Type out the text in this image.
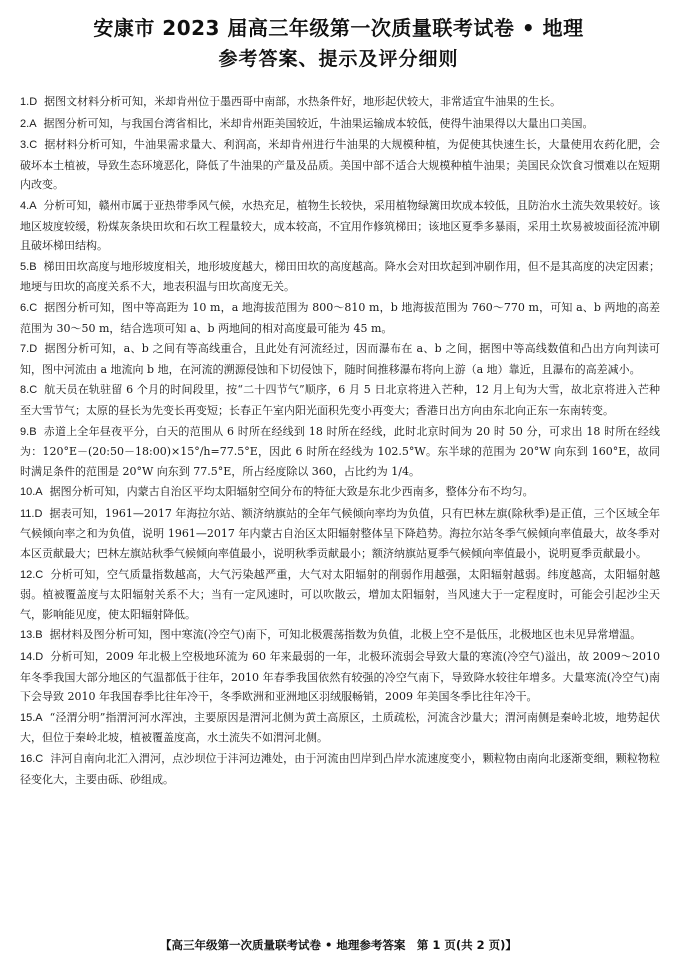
安康市 2023 届高三年级第一次质量联考试卷 • 地理
参考答案、提示及评分细则

1.D 据图文材料分析可知，米却肯州位于墨西哥中南部，水热条件好，地形起伏较大，非常适宜牛油果的生长。

2.A 据图分析可知，与我国台湾省相比，米却肯州距美国较近，牛油果运输成本较低，使得牛油果得以大量出口美国。

3.C 据材料分析可知，牛油果需求量大、利润高，米却肯州进行牛油果的大规模种植，为促使其快速生长，大量使用农药化肥，会破坏本土植被，导致生态环境恶化，降低了牛油果的产量及品质。美国中部不适合大规模种植牛油果；美国民众饮食习惯难以在短期内改变。

4.A 分析可知，赣州市属于亚热带季风气候，水热充足，植物生长较快，采用植物绿篱田坎成本较低，且防治水土流失效果较好。该地区坡度较缓，粉煤灰条块田坎和石坎工程量较大，成本较高，不宜用作修筑梯田；该地区夏季多暴雨，采用土坎易被坡面径流冲刷且破坏梯田结构。

5.B 梯田田坎高度与地形坡度相关，地形坡度越大，梯田田坎的高度越高。降水会对田坎起到冲刷作用，但不是其高度的决定因素；地埂与田坎的高度关系不大，地表积温与田坎高度无关。

6.C 据图分析可知，图中等高距为 10 m，a 地海拔范围为 800～810 m，b 地海拔范围为 760～770 m，可知 a、b 两地的高差范围为 30～50 m，结合选项可知 a、b 两地间的相对高度最可能为 45 m。

7.D 据图分析可知，a、b 之间有等高线重合，且此处有河流经过，因而瀑布在 a、b 之间，据图中等高线数值和凸出方向判读可知，图中河流由 a 地流向 b 地，在河流的溯源侵蚀和下切侵蚀下，随时间推移瀑布将向上游（a 地）靠近，且瀑布的高差减小。

8.C 航天员在轨驻留 6 个月的时间段里，按“二十四节气”顺序，6 月 5 日北京将进入芒种，12 月上旬为大雪，故北京将进入芒种至大雪节气；太原的昼长为先变长再变短；长春正午室内阳光面积先变小再变大；香港日出方向由东北向正东一东南转变。

9.B 赤道上全年昼夜平分，白天的范围从 6 时所在经线到 18 时所在经线，此时北京时间为 20 时 50 分，可求出 18 时所在经线为：120°E－(20:50－18:00)×15°/h=77.5°E，因此 6 时所在经线为 102.5°W。东半球的范围为 20°W 向东到 160°E，故同时满足条件的范围是 20°W 向东到 77.5°E，所占经度除以 360，占比约为 1/4。

10.A 据图分析可知，内蒙古自治区平均太阳辐射空间分布的特征大致是东北少西南多，整体分布不均匀。

11.D 据表可知，1961—2017 年海拉尔站、额济纳旗站的全年气候倾向率均为负值，只有巴林左旗(除秋季)是正值，三个区域全年气候倾向率之和为负值，说明 1961—2017 年内蒙古自治区太阳辐射整体呈下降趋势。海拉尔站冬季气候倾向率值最大，故冬季对本区贡献最大；巴林左旗站秋季气候倾向率值最小，说明秋季贡献最小；额济纳旗站夏季气候倾向率值最小，说明夏季贡献最小。

12.C 分析可知，空气质量指数越高，大气污染越严重，大气对太阳辐射的削弱作用越强，太阳辐射越弱。纬度越高，太阳辐射越弱。植被覆盖度与太阳辐射关系不大；当有一定风速时，可以吹散云，增加太阳辐射，当风速大于一定程度时，可能会引起沙尘天气，影响能见度，使太阳辐射降低。

13.B 据材料及图分析可知，图中寒流(冷空气)南下，可知北极震荡指数为负值，北极上空不是低压，北极地区也未见异常增温。

14.D 分析可知，2009 年北极上空极地环流为 60 年来最弱的一年，北极环流弱会导致大量的寒流(冷空气)溢出，故 2009～2010 年冬季我国大部分地区的气温都低于往年，2010 年春季我国依然有较强的冷空气南下，导致降水较往年增多。大量寒流(冷空气)南下会导致 2010 年我国春季比往年冷干，冬季欧洲和亚洲地区羽绒服畅销，2009 年美国冬季比往年冷干。

15.A “泾渭分明”指渭河河水浑浊，主要原因是渭河北侧为黄土高原区，土质疏松，河流含沙量大；渭河南侧是秦岭北坡，地势起伏大，但位于秦岭北坡，植被覆盖度高，水土流失不如渭河北侧。

16.C 沣河自南向北汇入渭河，点沙坝位于沣河边滩处，由于河流由凹岸到凸岸水流速度变小，颗粒物由南向北逐渐变细，颗粒物粒径变化大，主要由砾、砂组成。

【高三年级第一次质量联考试卷 • 地理参考答案　第 1 页(共 2 页)】
